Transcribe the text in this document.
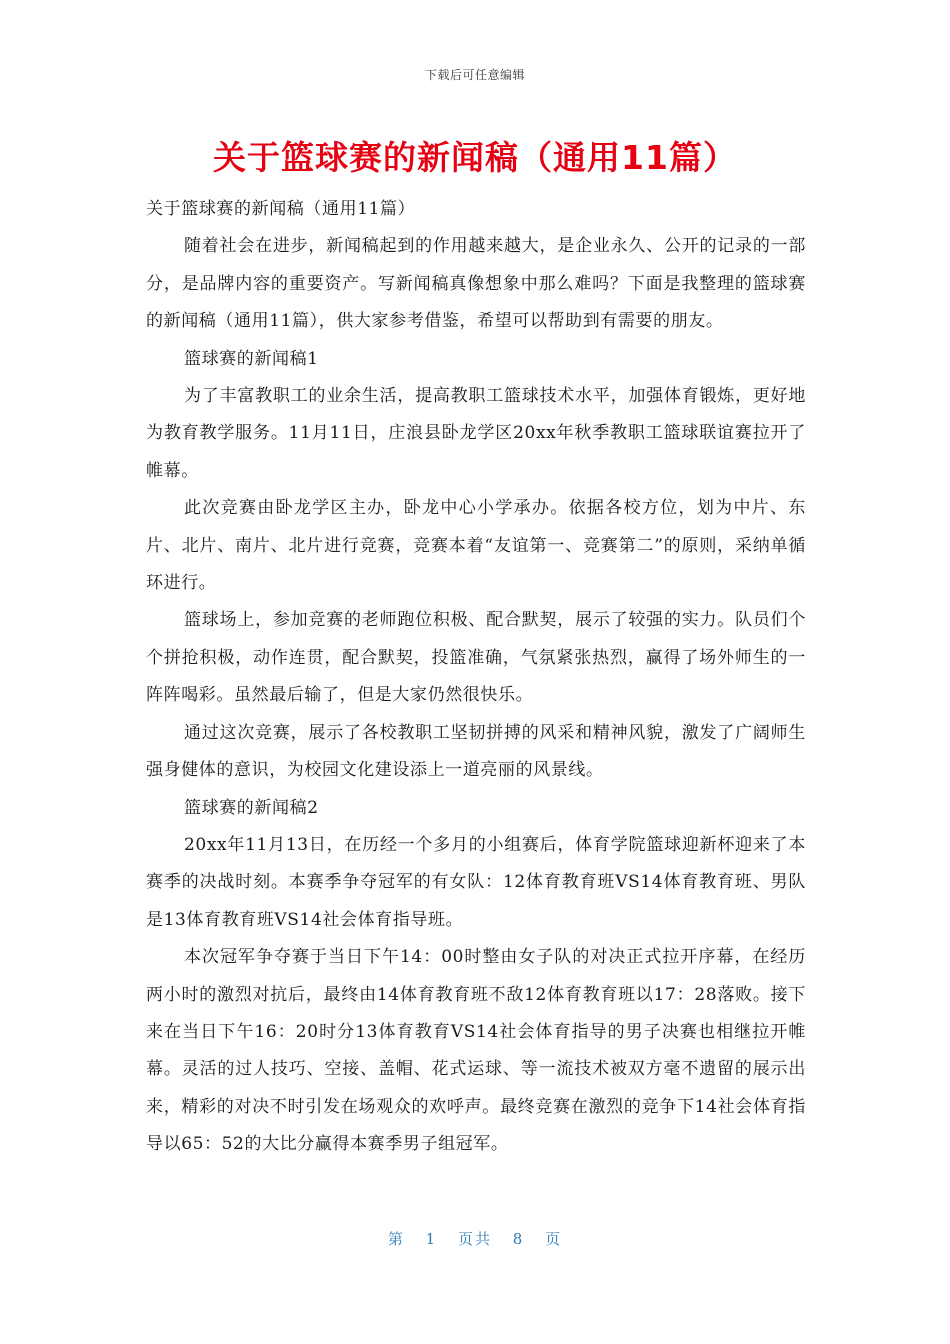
下载后可任意编辑
关于篮球赛的新闻稿（通用11篇）

关于篮球赛的新闻稿（通用11篇）

随着社会在进步，新闻稿起到的作用越来越大，是企业永久、公开的记录的一部分，是品牌内容的重要资产。写新闻稿真像想象中那么难吗？下面是我整理的篮球赛的新闻稿（通用11篇），供大家参考借鉴，希望可以帮助到有需要的朋友。

篮球赛的新闻稿1

为了丰富教职工的业余生活，提高教职工篮球技术水平，加强体育锻炼，更好地为教育教学服务。11月11日，庄浪县卧龙学区20xx年秋季教职工篮球联谊赛拉开了帷幕。

此次竞赛由卧龙学区主办，卧龙中心小学承办。依据各校方位，划为中片、东片、北片、南片、北片进行竞赛，竞赛本着“友谊第一、竞赛第二”的原则，采纳单循环进行。

篮球场上，参加竞赛的老师跑位积极、配合默契，展示了较强的实力。队员们个个拼抢积极，动作连贯，配合默契，投篮准确，气氛紧张热烈，赢得了场外师生的一阵阵喝彩。虽然最后输了，但是大家仍然很快乐。

通过这次竞赛，展示了各校教职工坚韧拼搏的风采和精神风貌，激发了广阔师生强身健体的意识，为校园文化建设添上一道亮丽的风景线。

篮球赛的新闻稿2

20xx年11月13日，在历经一个多月的小组赛后，体育学院篮球迎新杯迎来了本赛季的决战时刻。本赛季争夺冠军的有女队：12体育教育班VS14体育教育班、男队是13体育教育班VS14社会体育指导班。

本次冠军争夺赛于当日下午14：00时整由女子队的对决正式拉开序幕，在经历两小时的激烈对抗后，最终由14体育教育班不敌12体育教育班以17：28落败。接下来在当日下午16：20时分13体育教育VS14社会体育指导的男子决赛也相继拉开帷幕。灵活的过人技巧、空接、盖帽、花式运球、等一流技术被双方毫不遗留的展示出来，精彩的对决不时引发在场观众的欢呼声。最终竞赛在激烈的竞争下14社会体育指导以65：52的大比分赢得本赛季男子组冠军。

第 1 页共 8 页
